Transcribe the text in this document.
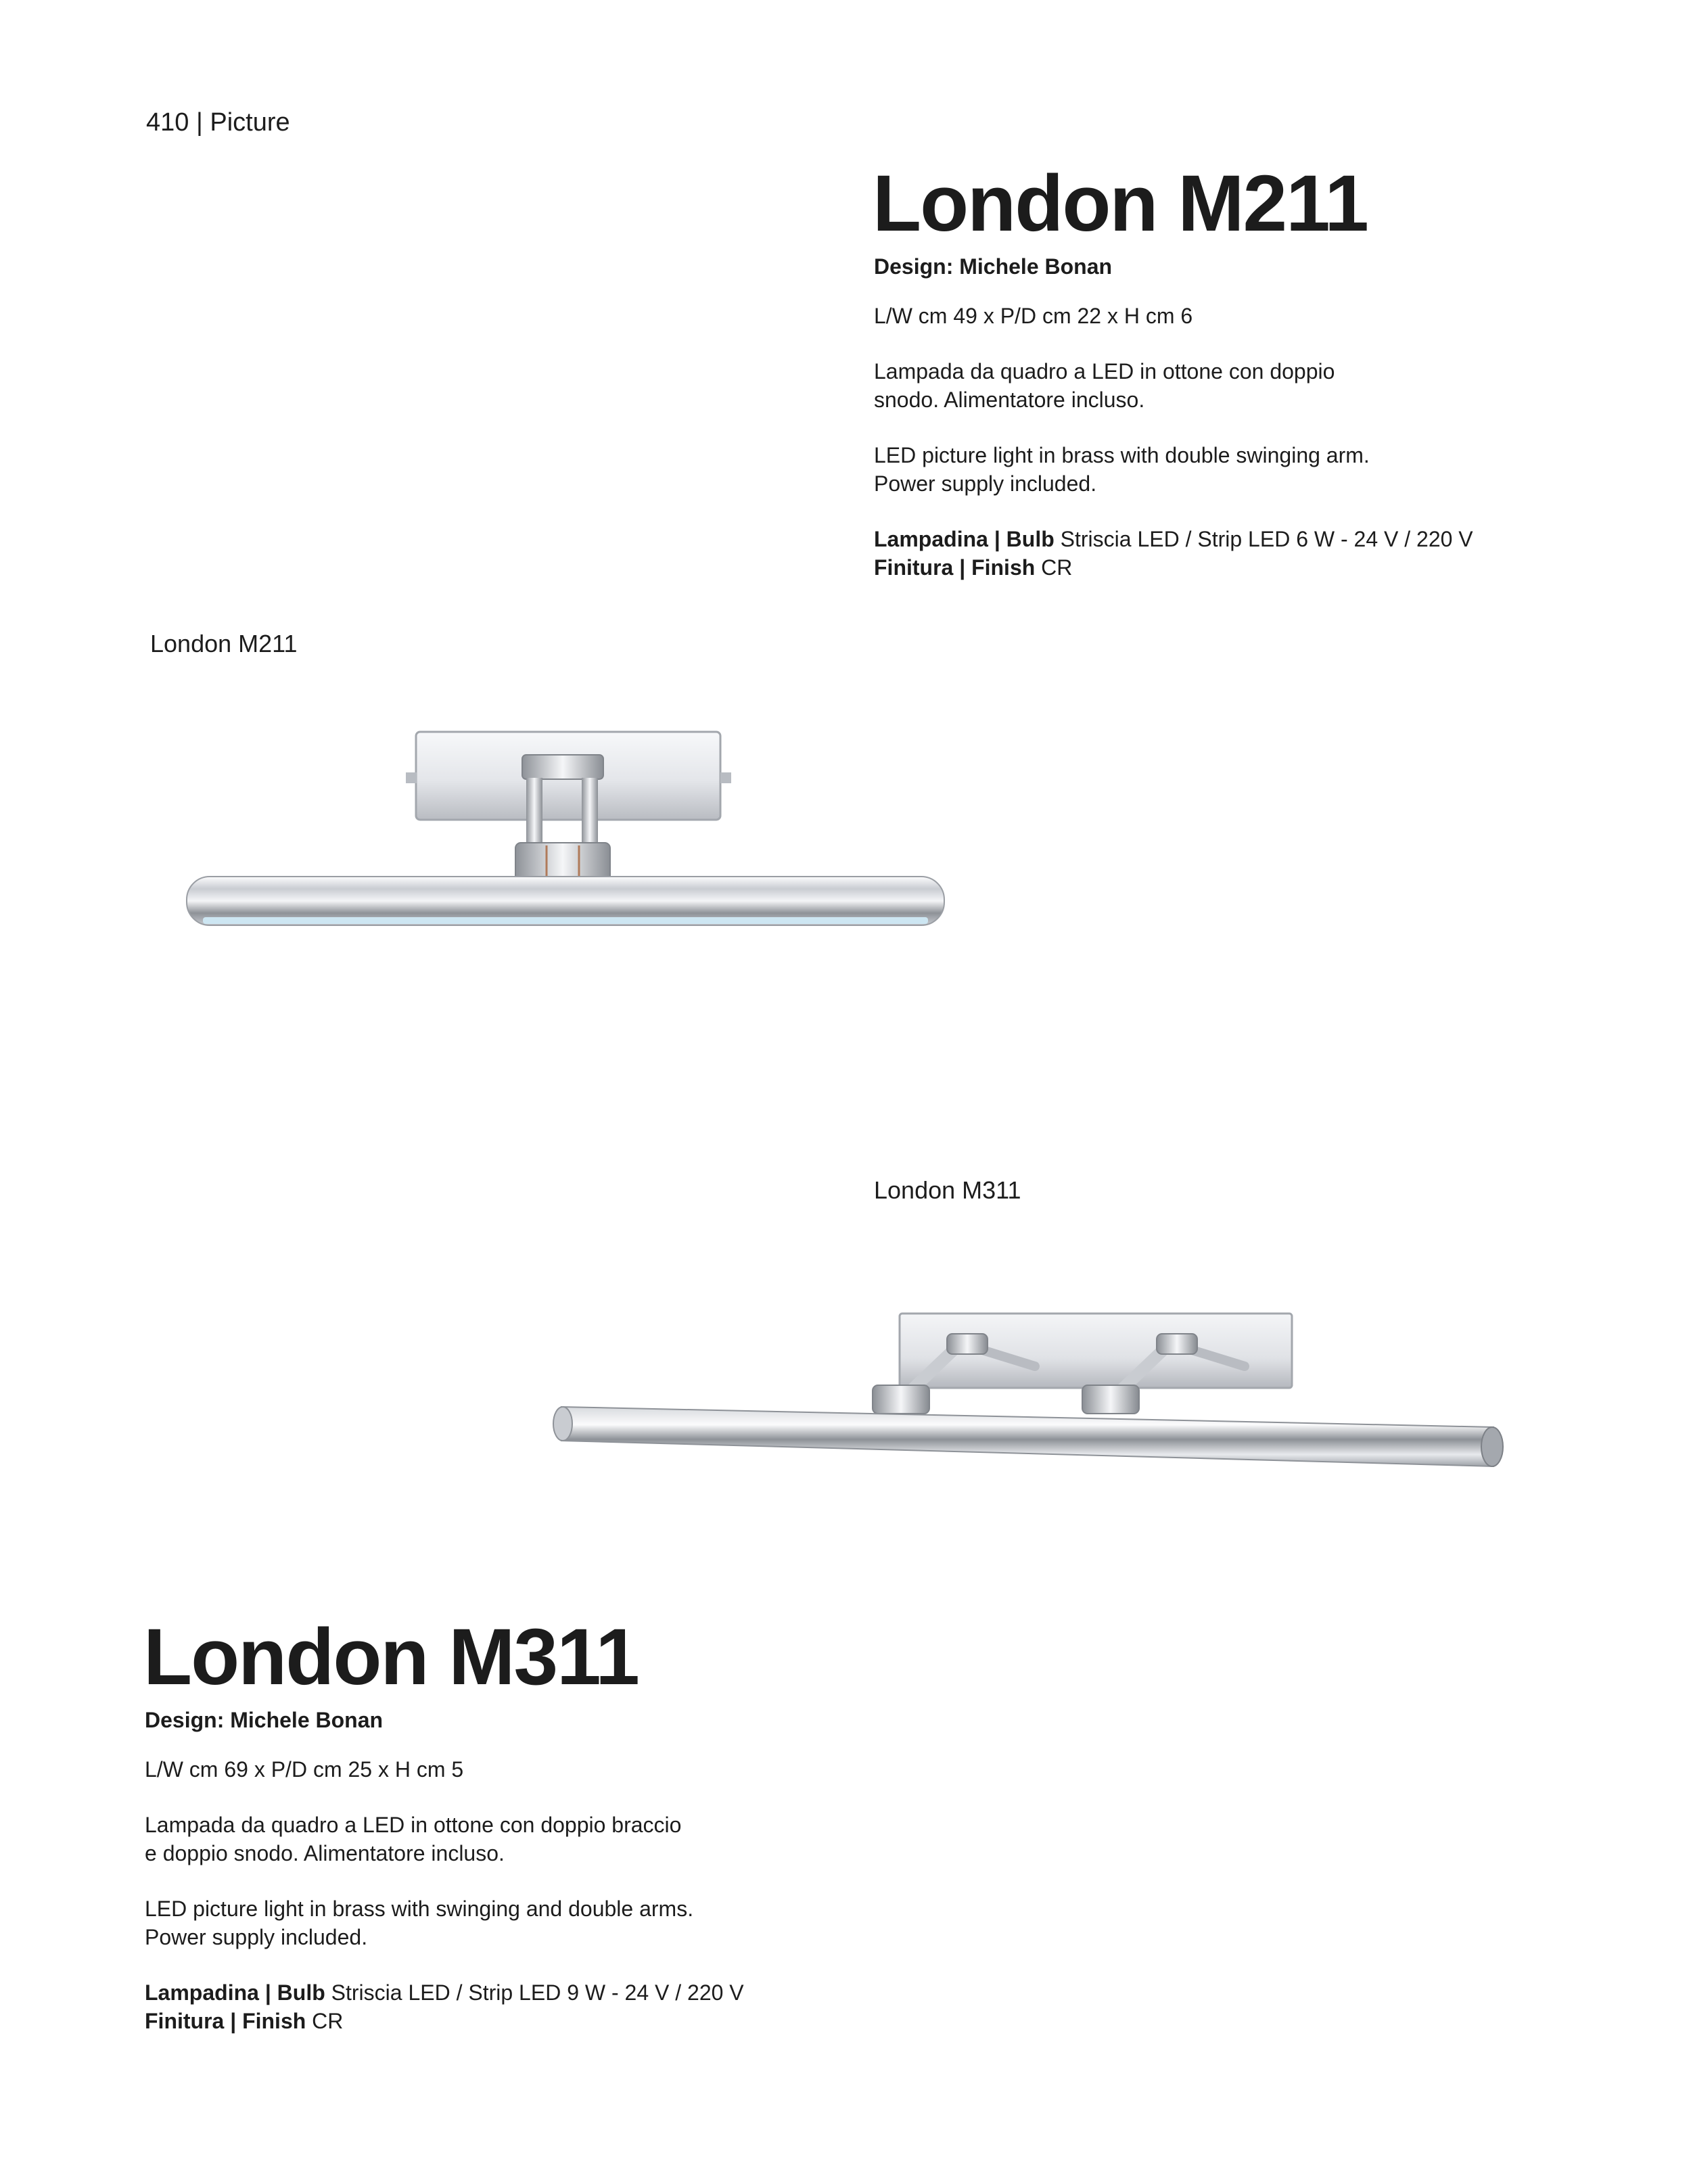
410 | Picture
London M211
Design: Michele Bonan
L/W cm 49 x P/D cm 22 x H cm 6

Lampada da quadro a LED in ottone con doppio

snodo. Alimentatore incluso.

LED picture light in brass with double swinging arm.

Power supply included.

Lampadina | Bulb Striscia LED / Strip LED 6 W - 24 V / 220 V

Finitura | Finish CR

London M211
London M311
London M311
Design: Michele Bonan
L/W cm 69 x P/D cm 25 x H cm 5

Lampada da quadro a LED in ottone con doppio braccio

e doppio snodo. Alimentatore incluso.

LED picture light in brass with swinging and double arms.

Power supply included.

Lampadina | Bulb Striscia LED / Strip LED 9 W - 24 V / 220 V

Finitura | Finish CR
